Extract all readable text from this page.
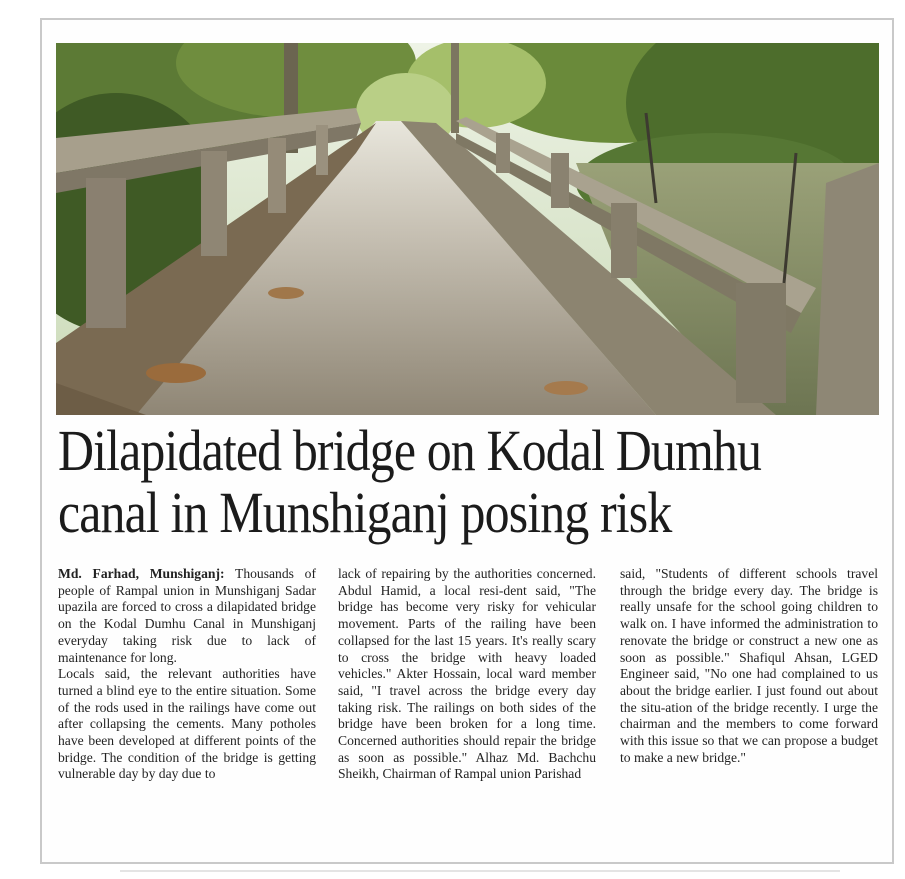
Dilapidated bridge on Kodal Dumhu
canal in Munshiganj posing risk

Md. Farhad, Munshiganj: Thousands of people of Rampal union in Munshiganj Sadar upazila are forced to cross a dilapidated bridge on the Kodal Dumhu Canal in Munshiganj everyday taking risk due to lack of maintenance for long.

Locals said, the relevant authorities have turned a blind eye to the entire situation. Some of the rods used in the railings have come out after collapsing the cements. Many potholes have been developed at different points of the bridge. The condition of the bridge is getting vulnerable day by day due to

lack of repairing by the authorities concerned. Abdul Hamid, a local resi-dent said, "The bridge has become very risky for vehicular movement. Parts of the railing have been collapsed for the last 15 years. It's really scary to cross the bridge with heavy loaded vehicles." Akter Hossain, local ward member said, "I travel across the bridge every day taking risk. The railings on both sides of the bridge have been broken for a long time. Concerned authorities should repair the bridge as soon as possible." Alhaz Md. Bachchu Sheikh, Chairman of Rampal union Parishad

said, "Students of different schools travel through the bridge every day. The bridge is really unsafe for the school going children to walk on. I have informed the administration to renovate the bridge or construct a new one as soon as possible." Shafiqul Ahsan, LGED Engineer said, "No one had complained to us about the bridge earlier. I just found out about the situ-ation of the bridge recently. I urge the chairman and the members to come forward with this issue so that we can propose a budget to make a new bridge."
